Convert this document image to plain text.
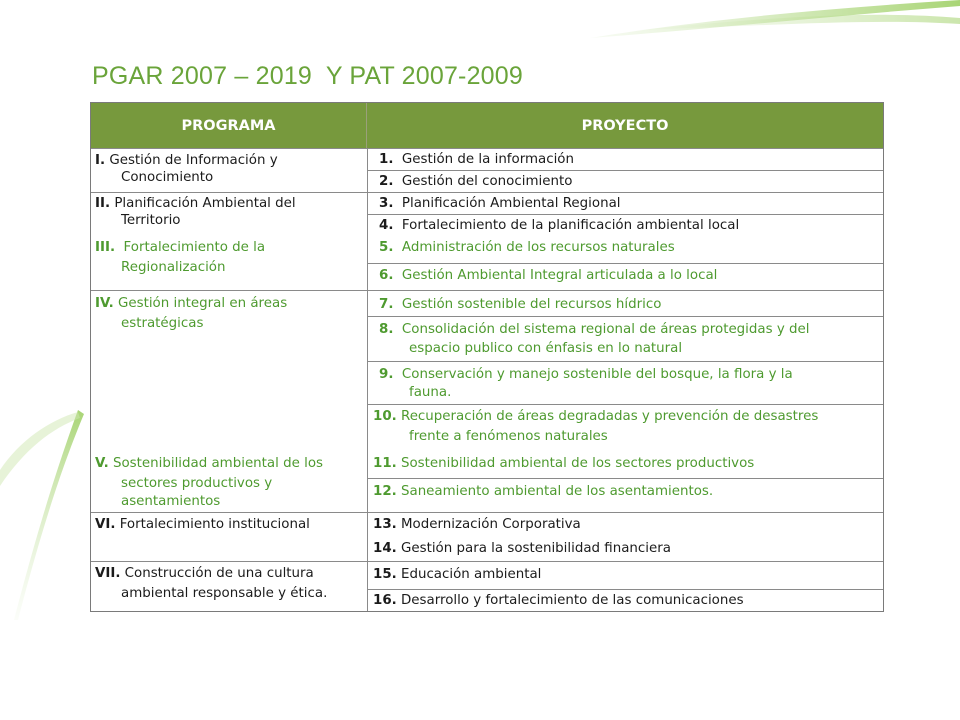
PGAR 2007 – 2019  Y PAT 2007-2009
PROGRAMA	PROYECTO
I. Gestión de Información y
Conocimiento
II. Planificación Ambiental del
Territorio
III.  Fortalecimiento de la
Regionalización
IV. Gestión integral en áreas
estratégicas
V. Sostenibilidad ambiental de los
sectores productivos y
asentamientos
VI. Fortalecimiento institucional
VII. Construcción de una cultura
ambiental responsable y ética.
1.  Gestión de la información
2.  Gestión del conocimiento
3.  Planificación Ambiental Regional
4.  Fortalecimiento de la planificación ambiental local
5.  Administración de los recursos naturales
6.  Gestión Ambiental Integral articulada a lo local
7.  Gestión sostenible del recursos hídrico
8.  Consolidación del sistema regional de áreas protegidas y del
espacio publico con énfasis en lo natural
9.  Conservación y manejo sostenible del bosque, la flora y la
fauna.
10. Recuperación de áreas degradadas y prevención de desastres
frente a fenómenos naturales
11. Sostenibilidad ambiental de los sectores productivos
12. Saneamiento ambiental de los asentamientos.
13. Modernización Corporativa
14. Gestión para la sostenibilidad financiera
15. Educación ambiental
16. Desarrollo y fortalecimiento de las comunicaciones
